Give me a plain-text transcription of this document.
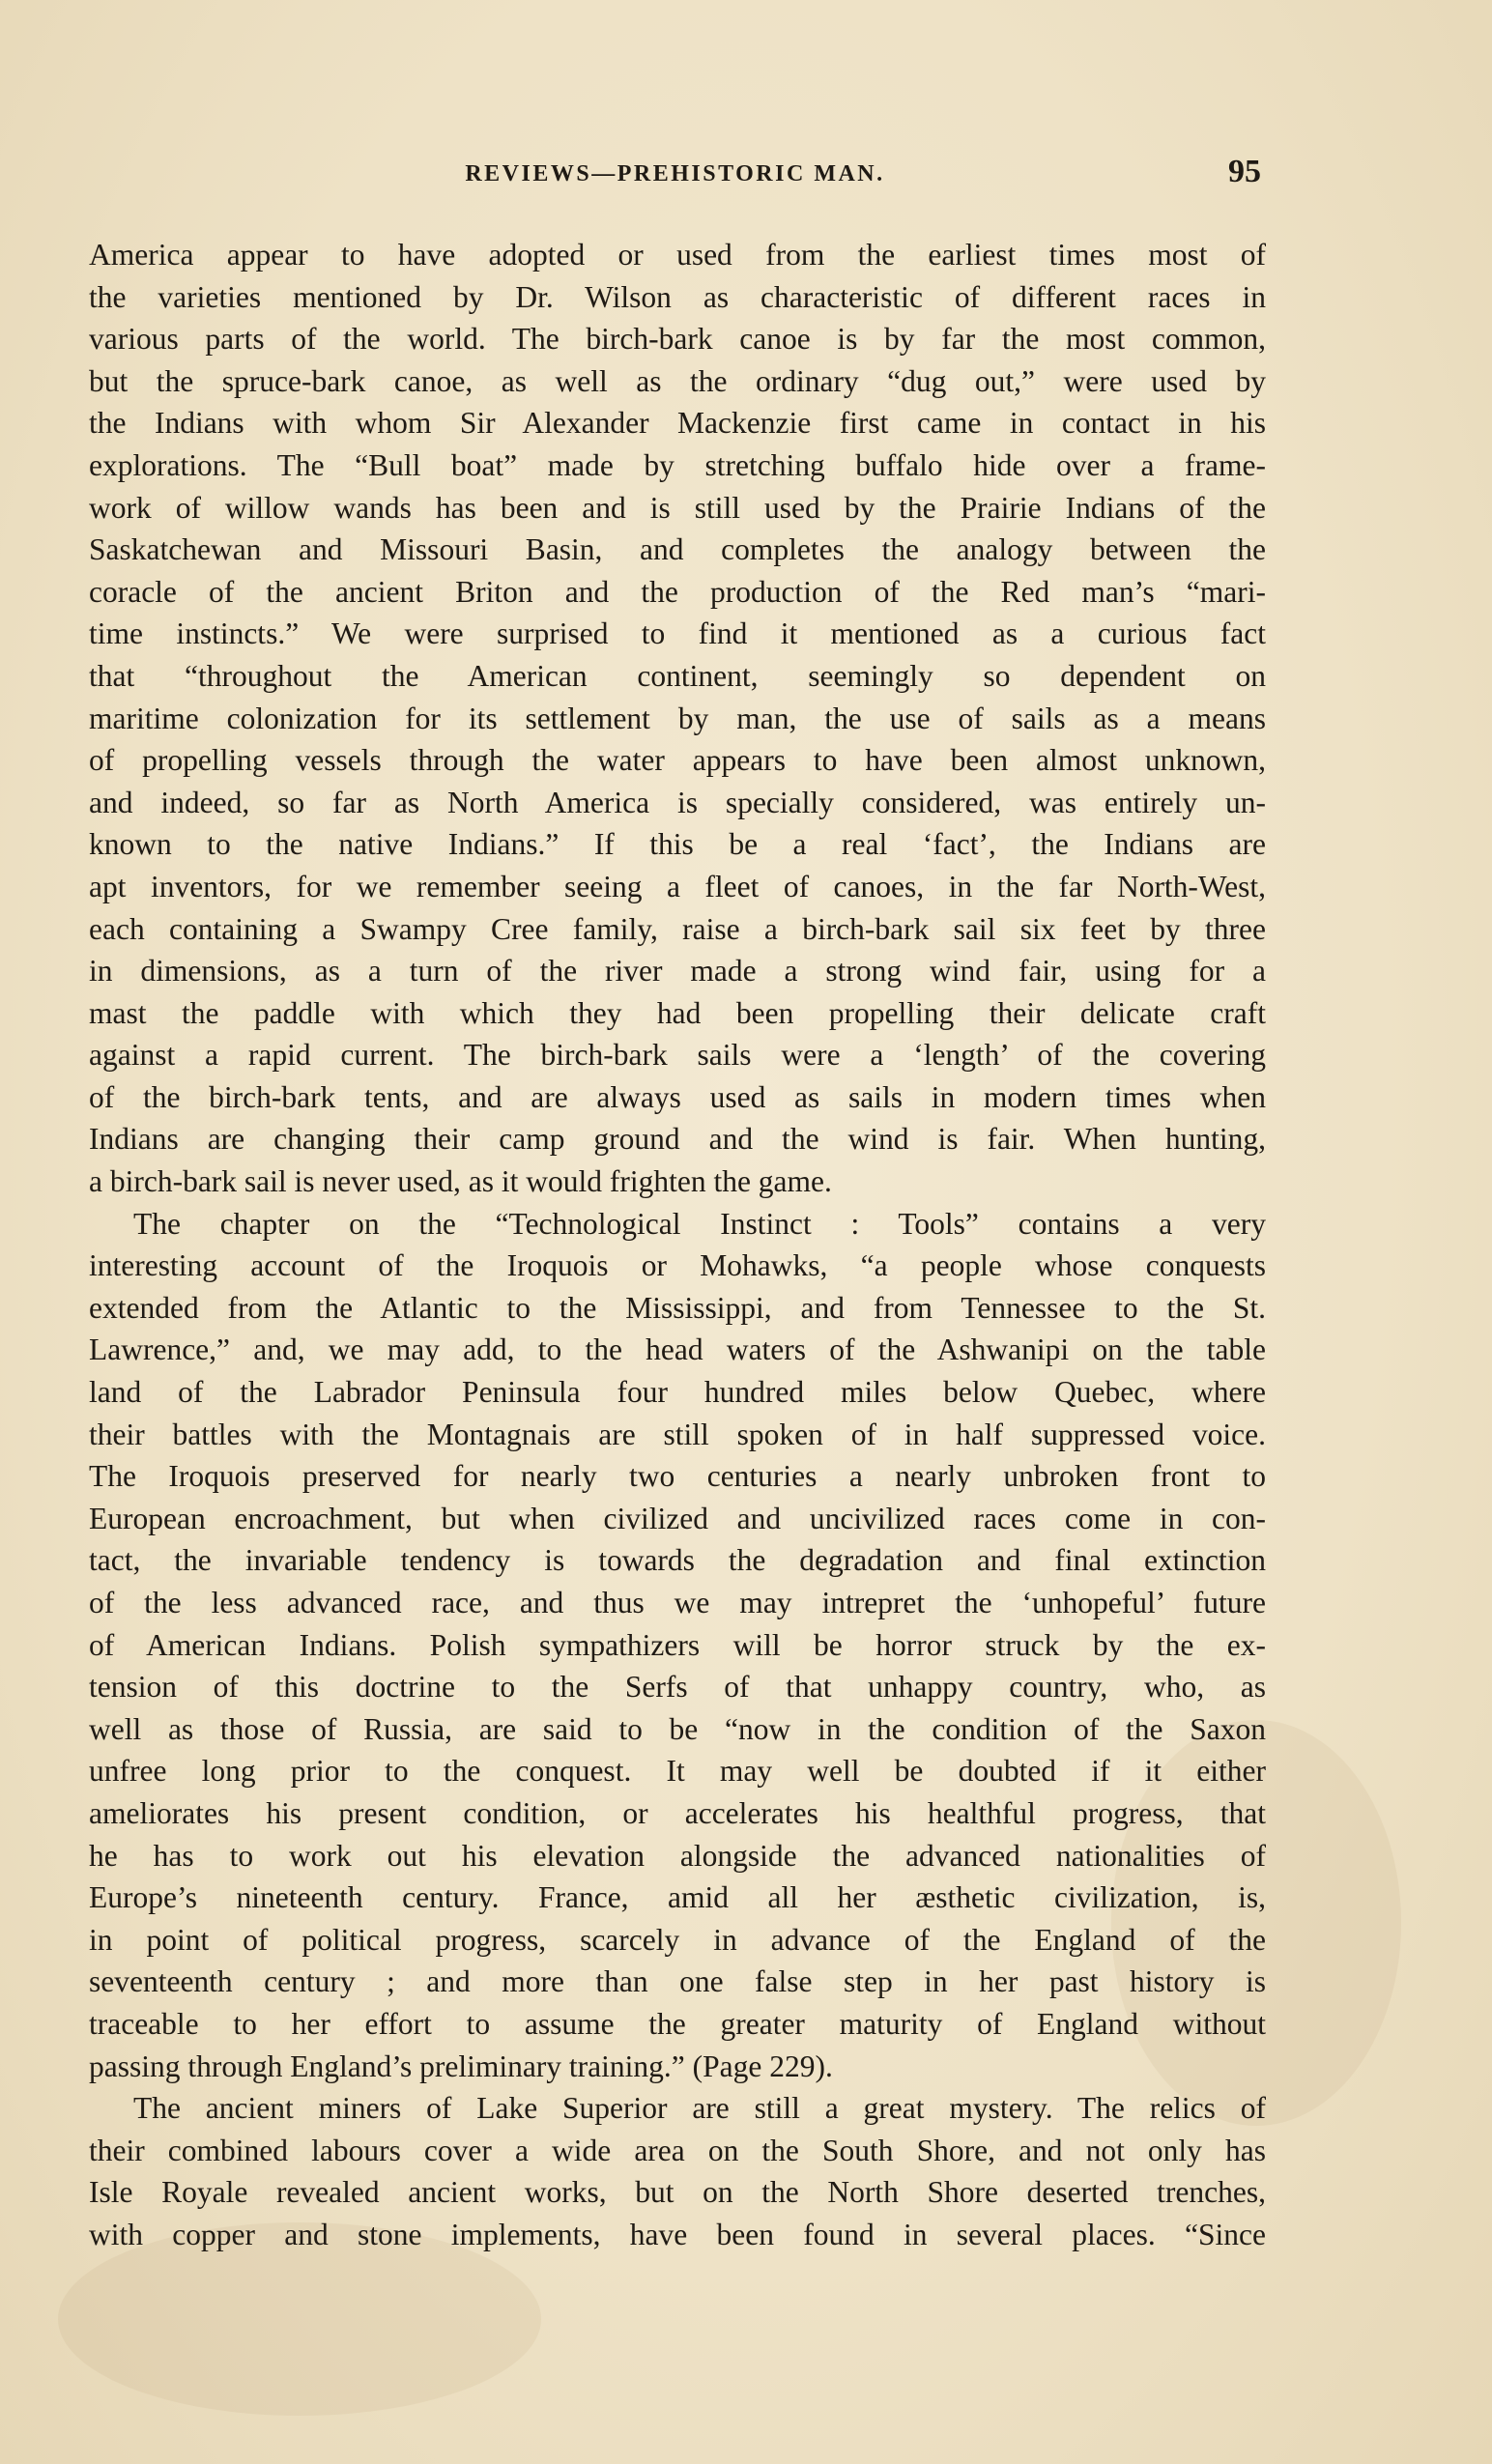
REVIEWS—PREHISTORIC MAN.	95
America appear to have adopted or used from the earliest times most of
the varieties mentioned by Dr. Wilson as characteristic of different races in
various parts of the world. The birch-bark canoe is by far the most common,
but the spruce-bark canoe, as well as the ordinary “dug out,” were used by
the Indians with whom Sir Alexander Mackenzie first came in contact in his
explorations. The “Bull boat” made by stretching buffalo hide over a frame-
work of willow wands has been and is still used by the Prairie Indians of the
Saskatchewan and Missouri Basin, and completes the analogy between the
coracle of the ancient Briton and the production of the Red man’s “mari-
time instincts.” We were surprised to find it mentioned as a curious fact
that “throughout the American continent, seemingly so dependent on
maritime colonization for its settlement by man, the use of sails as a means
of propelling vessels through the water appears to have been almost unknown,
and indeed, so far as North America is specially considered, was entirely un-
known to the native Indians.” If this be a real ‘fact’, the Indians are
apt inventors, for we remember seeing a fleet of canoes, in the far North-West,
each containing a Swampy Cree family, raise a birch-bark sail six feet by three
in dimensions, as a turn of the river made a strong wind fair, using for a
mast the paddle with which they had been propelling their delicate craft
against a rapid current. The birch-bark sails were a ‘length’ of the covering
of the birch-bark tents, and are always used as sails in modern times when
Indians are changing their camp ground and the wind is fair. When hunting,
a birch-bark sail is never used, as it would frighten the game.
The chapter on the “Technological Instinct : Tools” contains a very
interesting account of the Iroquois or Mohawks, “a people whose conquests
extended from the Atlantic to the Mississippi, and from Tennessee to the St.
Lawrence,” and, we may add, to the head waters of the Ashwanipi on the table
land of the Labrador Peninsula four hundred miles below Quebec, where
their battles with the Montagnais are still spoken of in half suppressed voice.
The Iroquois preserved for nearly two centuries a nearly unbroken front to
European encroachment, but when civilized and uncivilized races come in con-
tact, the invariable tendency is towards the degradation and final extinction
of the less advanced race, and thus we may intrepret the ‘unhopeful’ future
of American Indians. Polish sympathizers will be horror struck by the ex-
tension of this doctrine to the Serfs of that unhappy country, who, as
well as those of Russia, are said to be “now in the condition of the Saxon
unfree long prior to the conquest. It may well be doubted if it either
ameliorates his present condition, or accelerates his healthful progress, that
he has to work out his elevation alongside the advanced nationalities of
Europe’s nineteenth century. France, amid all her æsthetic civilization, is,
in point of political progress, scarcely in advance of the England of the
seventeenth century ; and more than one false step in her past history is
traceable to her effort to assume the greater maturity of England without
passing through England’s preliminary training.” (Page 229).
The ancient miners of Lake Superior are still a great mystery. The relics of
their combined labours cover a wide area on the South Shore, and not only has
Isle Royale revealed ancient works, but on the North Shore deserted trenches,
with copper and stone implements, have been found in several places. “Since
